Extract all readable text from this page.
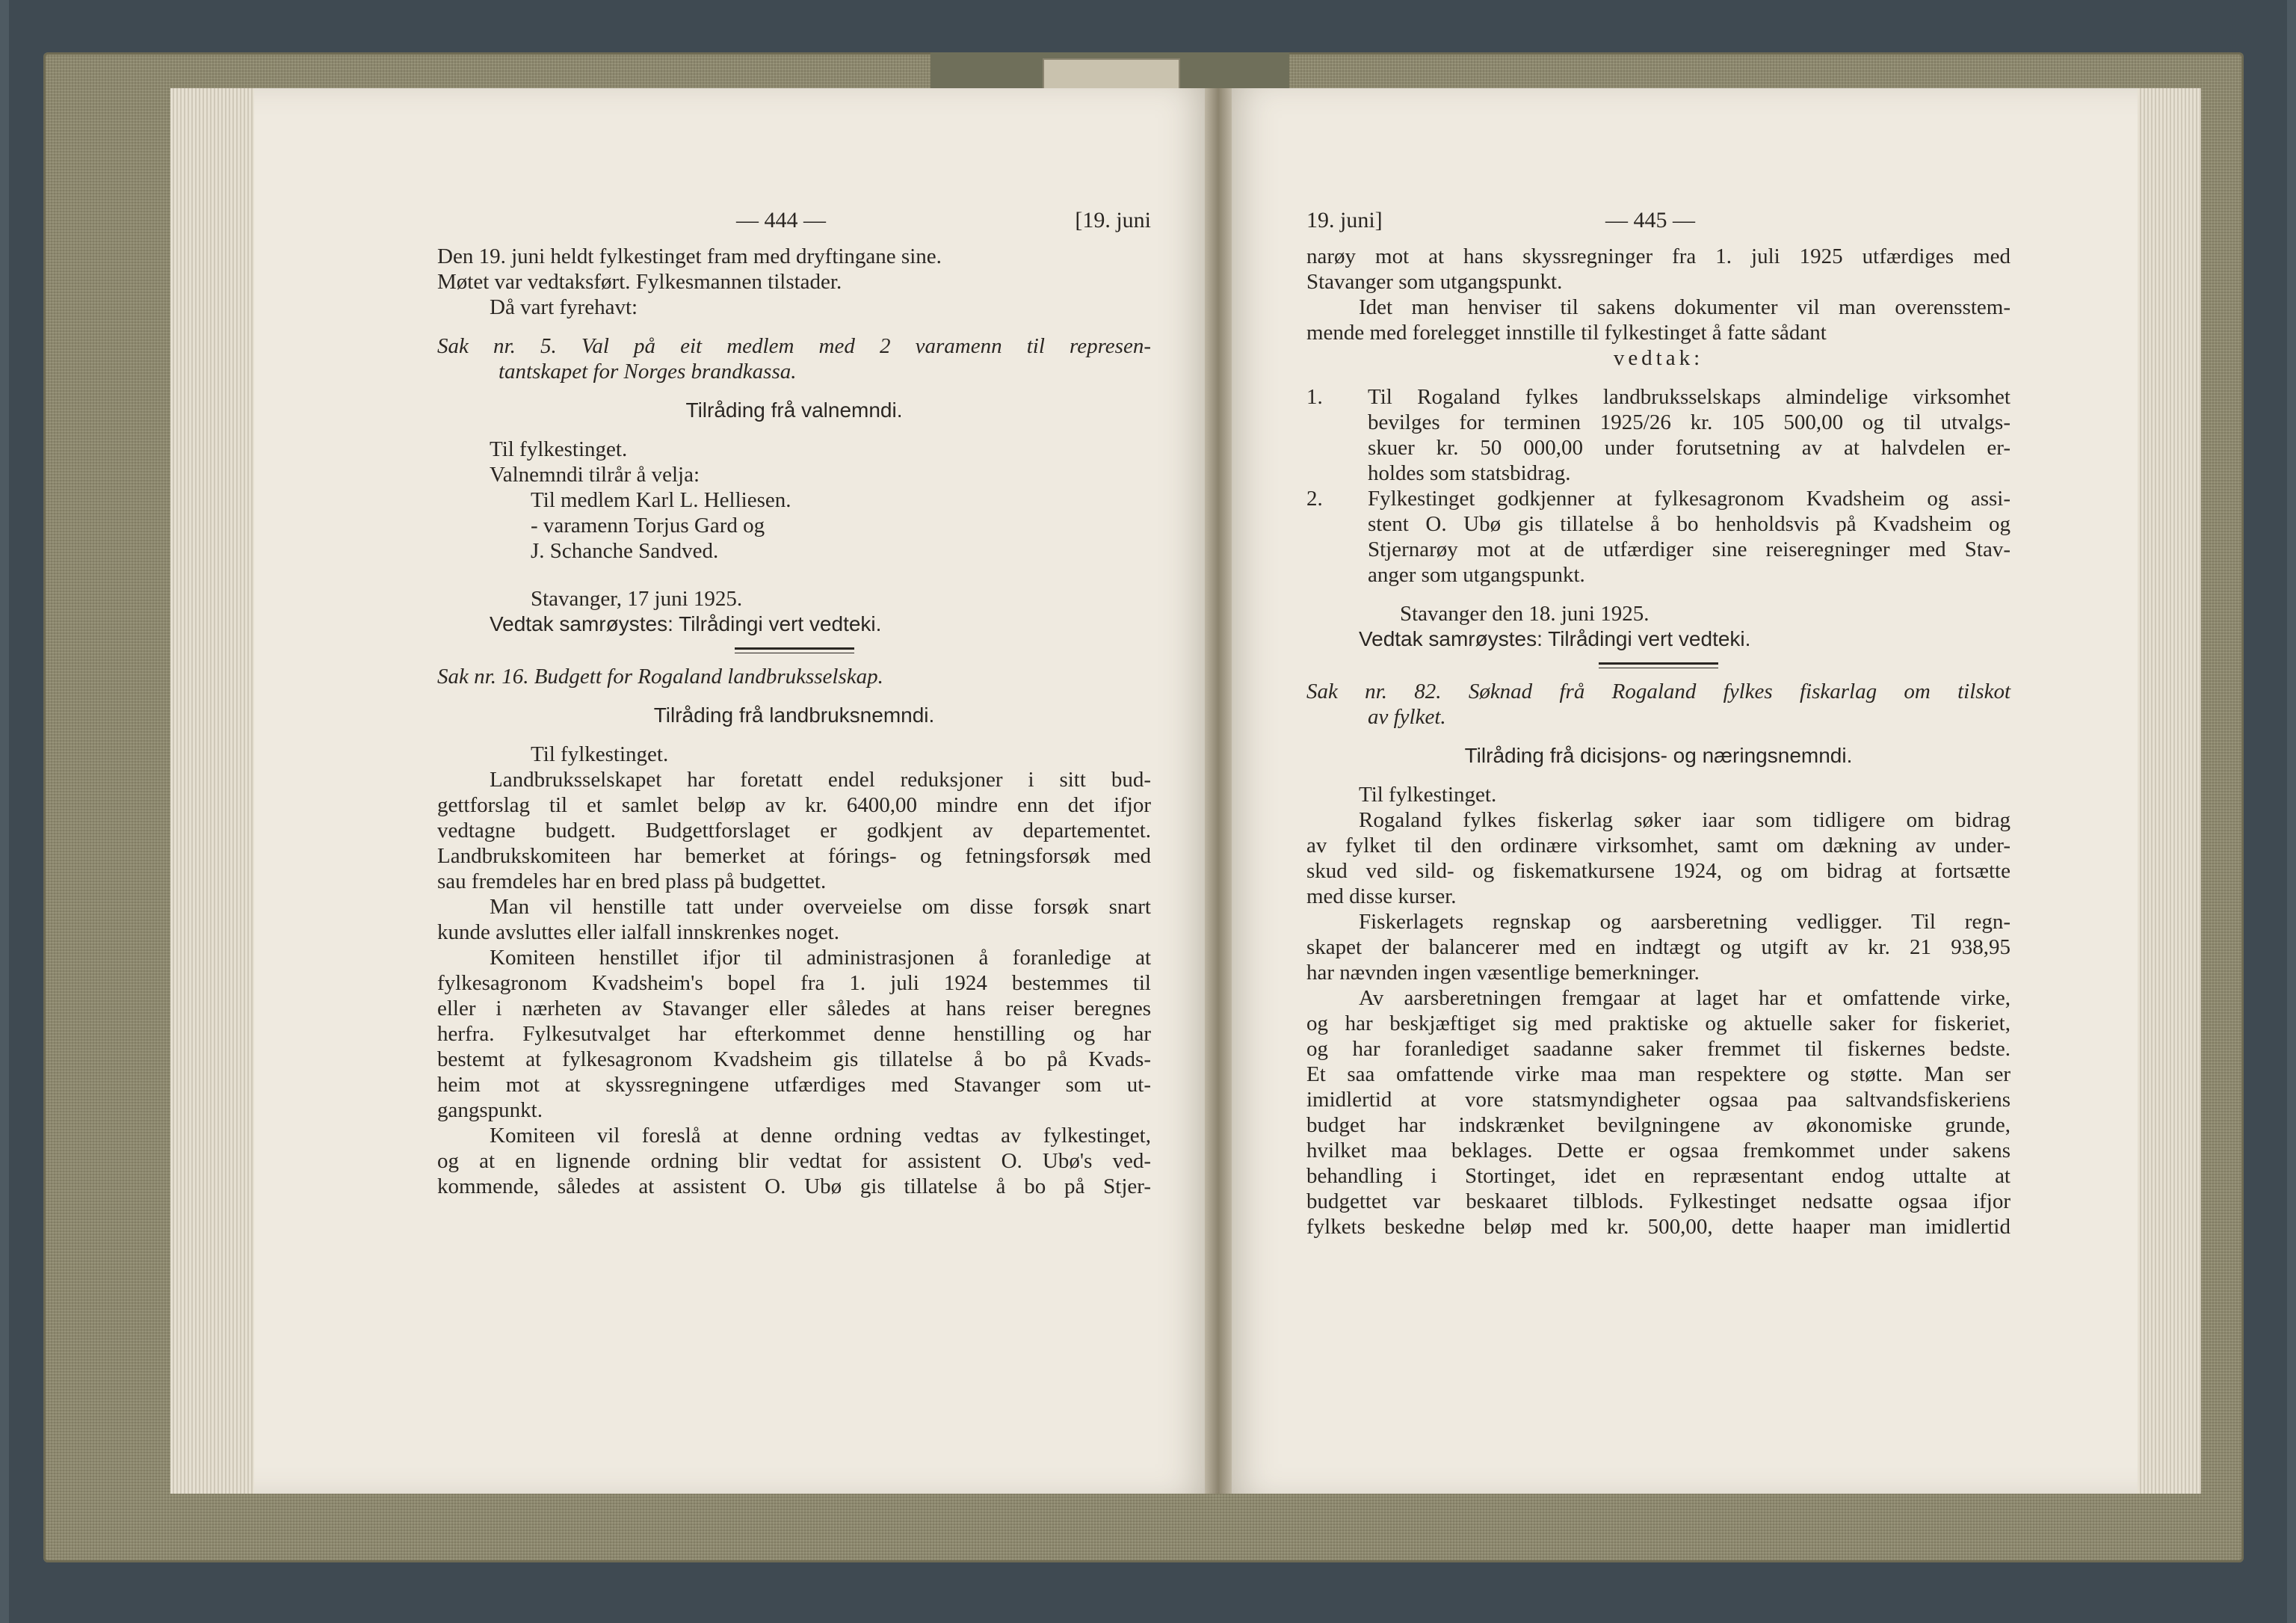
— 444 —	[19. juni
Den 19. juni heldt fylkestinget fram med dryftingane sine.
Møtet var vedtaksført. Fylkesmannen tilstader.
Då vart fyrehavt:
Sak nr. 5. Val på eit medlem med 2 varamenn til represen-
tantskapet for Norges brandkassa.
Tilråding frå valnemndi.
Til fylkestinget.
Valnemndi tilrår å velja:
Til medlem Karl L. Helliesen.
- varamenn Torjus Gard og
J. Schanche Sandved.
Stavanger, 17 juni 1925.
Vedtak samrøystes: Tilrådingi vert vedteki.
Sak nr. 16. Budgett for Rogaland landbruksselskap.
Tilråding frå landbruksnemndi.
Til fylkestinget.
Landbruksselskapet har foretatt endel reduksjoner i sitt bud-
gettforslag til et samlet beløp av kr. 6400,00 mindre enn det ifjor
vedtagne budgett. Budgettforslaget er godkjent av departementet.
Landbrukskomiteen har bemerket at fórings- og fetningsforsøk med
sau fremdeles har en bred plass på budgettet.
Man vil henstille tatt under overveielse om disse forsøk snart
kunde avsluttes eller ialfall innskrenkes noget.
Komiteen henstillet ifjor til administrasjonen å foranledige at
fylkesagronom Kvadsheim's bopel fra 1. juli 1924 bestemmes til
eller i nærheten av Stavanger eller således at hans reiser beregnes
herfra. Fylkesutvalget har efterkommet denne henstilling og har
bestemt at fylkesagronom Kvadsheim gis tillatelse å bo på Kvads-
heim mot at skyssregningene utfærdiges med Stavanger som ut-
gangspunkt.
Komiteen vil foreslå at denne ordning vedtas av fylkestinget,
og at en lignende ordning blir vedtat for assistent O. Ubø's ved-
kommende, således at assistent O. Ubø gis tillatelse å bo på Stjer-
19. juni]	— 445 —
narøy mot at hans skyssregninger fra 1. juli 1925 utfærdiges med
Stavanger som utgangspunkt.
Idet man henviser til sakens dokumenter vil man overensstem-
mende med forelegget innstille til fylkestinget å fatte sådant
vedtak:
1. Til Rogaland fylkes landbruksselskaps almindelige virksomhet
bevilges for terminen 1925/26 kr. 105 500,00 og til utvalgs-
skuer kr. 50 000,00 under forutsetning av at halvdelen er-
holdes som statsbidrag.
2. Fylkestinget godkjenner at fylkesagronom Kvadsheim og assi-
stent O. Ubø gis tillatelse å bo henholdsvis på Kvadsheim og
Stjernarøy mot at de utfærdiger sine reiseregninger med Stav-
anger som utgangspunkt.
Stavanger den 18. juni 1925.
Vedtak samrøystes: Tilrådingi vert vedteki.
Sak nr. 82. Søknad frå Rogaland fylkes fiskarlag om tilskot
av fylket.
Tilråding frå dicisjons- og næringsnemndi.
Til fylkestinget.
Rogaland fylkes fiskerlag søker iaar som tidligere om bidrag
av fylket til den ordinære virksomhet, samt om dækning av under-
skud ved sild- og fiskematkursene 1924, og om bidrag at fortsætte
med disse kurser.
Fiskerlagets regnskap og aarsberetning vedligger. Til regn-
skapet der balancerer med en indtægt og utgift av kr. 21 938,95
har nævnden ingen væsentlige bemerkninger.
Av aarsberetningen fremgaar at laget har et omfattende virke,
og har beskjæftiget sig med praktiske og aktuelle saker for fiskeriet,
og har foranlediget saadanne saker fremmet til fiskernes bedste.
Et saa omfattende virke maa man respektere og støtte. Man ser
imidlertid at vore statsmyndigheter ogsaa paa saltvandsfiskeriens
budget har indskrænket bevilgningene av økonomiske grunde,
hvilket maa beklages. Dette er ogsaa fremkommet under sakens
behandling i Stortinget, idet en repræsentant endog uttalte at
budgettet var beskaaret tilblods. Fylkestinget nedsatte ogsaa ifjor
fylkets beskedne beløp med kr. 500,00, dette haaper man imidlertid
